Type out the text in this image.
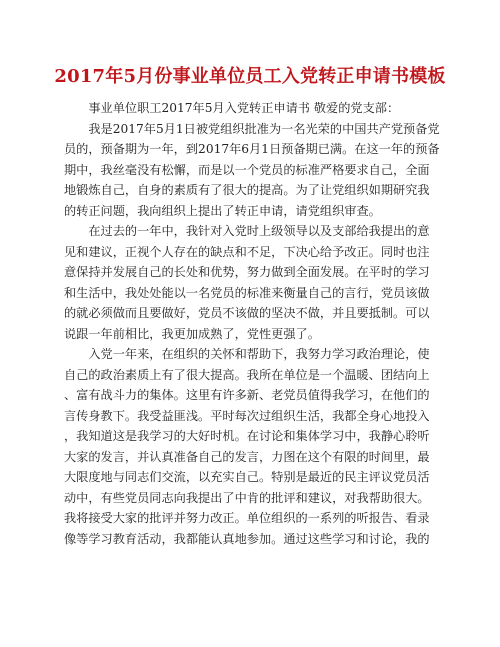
2017年5月份事业单位员工入党转正申请书模板
　　事业单位职工2017年5月入党转正申请书 敬爱的党支部：
　　我是2017年5月1日被党组织批准为一名光荣的中国共产党预备党
员的，预备期为一年，到2017年6月1日预备期已满。在这一年的预备
期中，我丝毫没有松懈，而是以一个党员的标准严格要求自己，全面
地锻炼自己，自身的素质有了很大的提高。为了让党组织如期研究我
的转正问题，我向组织上提出了转正申请，请党组织审查。
　　在过去的一年中，我针对入党时上级领导以及支部给我提出的意
见和建议，正视个人存在的缺点和不足，下决心给予改正。同时也注
意保持并发展自己的长处和优势，努力做到全面发展。在平时的学习
和生活中，我处处能以一名党员的标准来衡量自己的言行，党员该做
的就必须做而且要做好，党员不该做的坚决不做，并且要抵制。可以
说跟一年前相比，我更加成熟了，党性更强了。
　　入党一年来，在组织的关怀和帮助下，我努力学习政治理论，使
自己的政治素质上有了很大提高。我所在单位是一个温暖、团结向上
、富有战斗力的集体。这里有许多新、老党员值得我学习，在他们的
言传身教下。我受益匪浅。平时每次过组织生活，我都全身心地投入
，我知道这是我学习的大好时机。在讨论和集体学习中，我静心聆听
大家的发言，并认真准备自己的发言，力图在这个有限的时间里，最
大限度地与同志们交流，以充实自己。特别是最近的民主评议党员活
动中，有些党员同志向我提出了中肯的批评和建议，对我帮助很大。
我将接受大家的批评并努力改正。单位组织的一系列的听报告、看录
像等学习教育活动，我都能认真地参加。通过这些学习和讨论，我的
